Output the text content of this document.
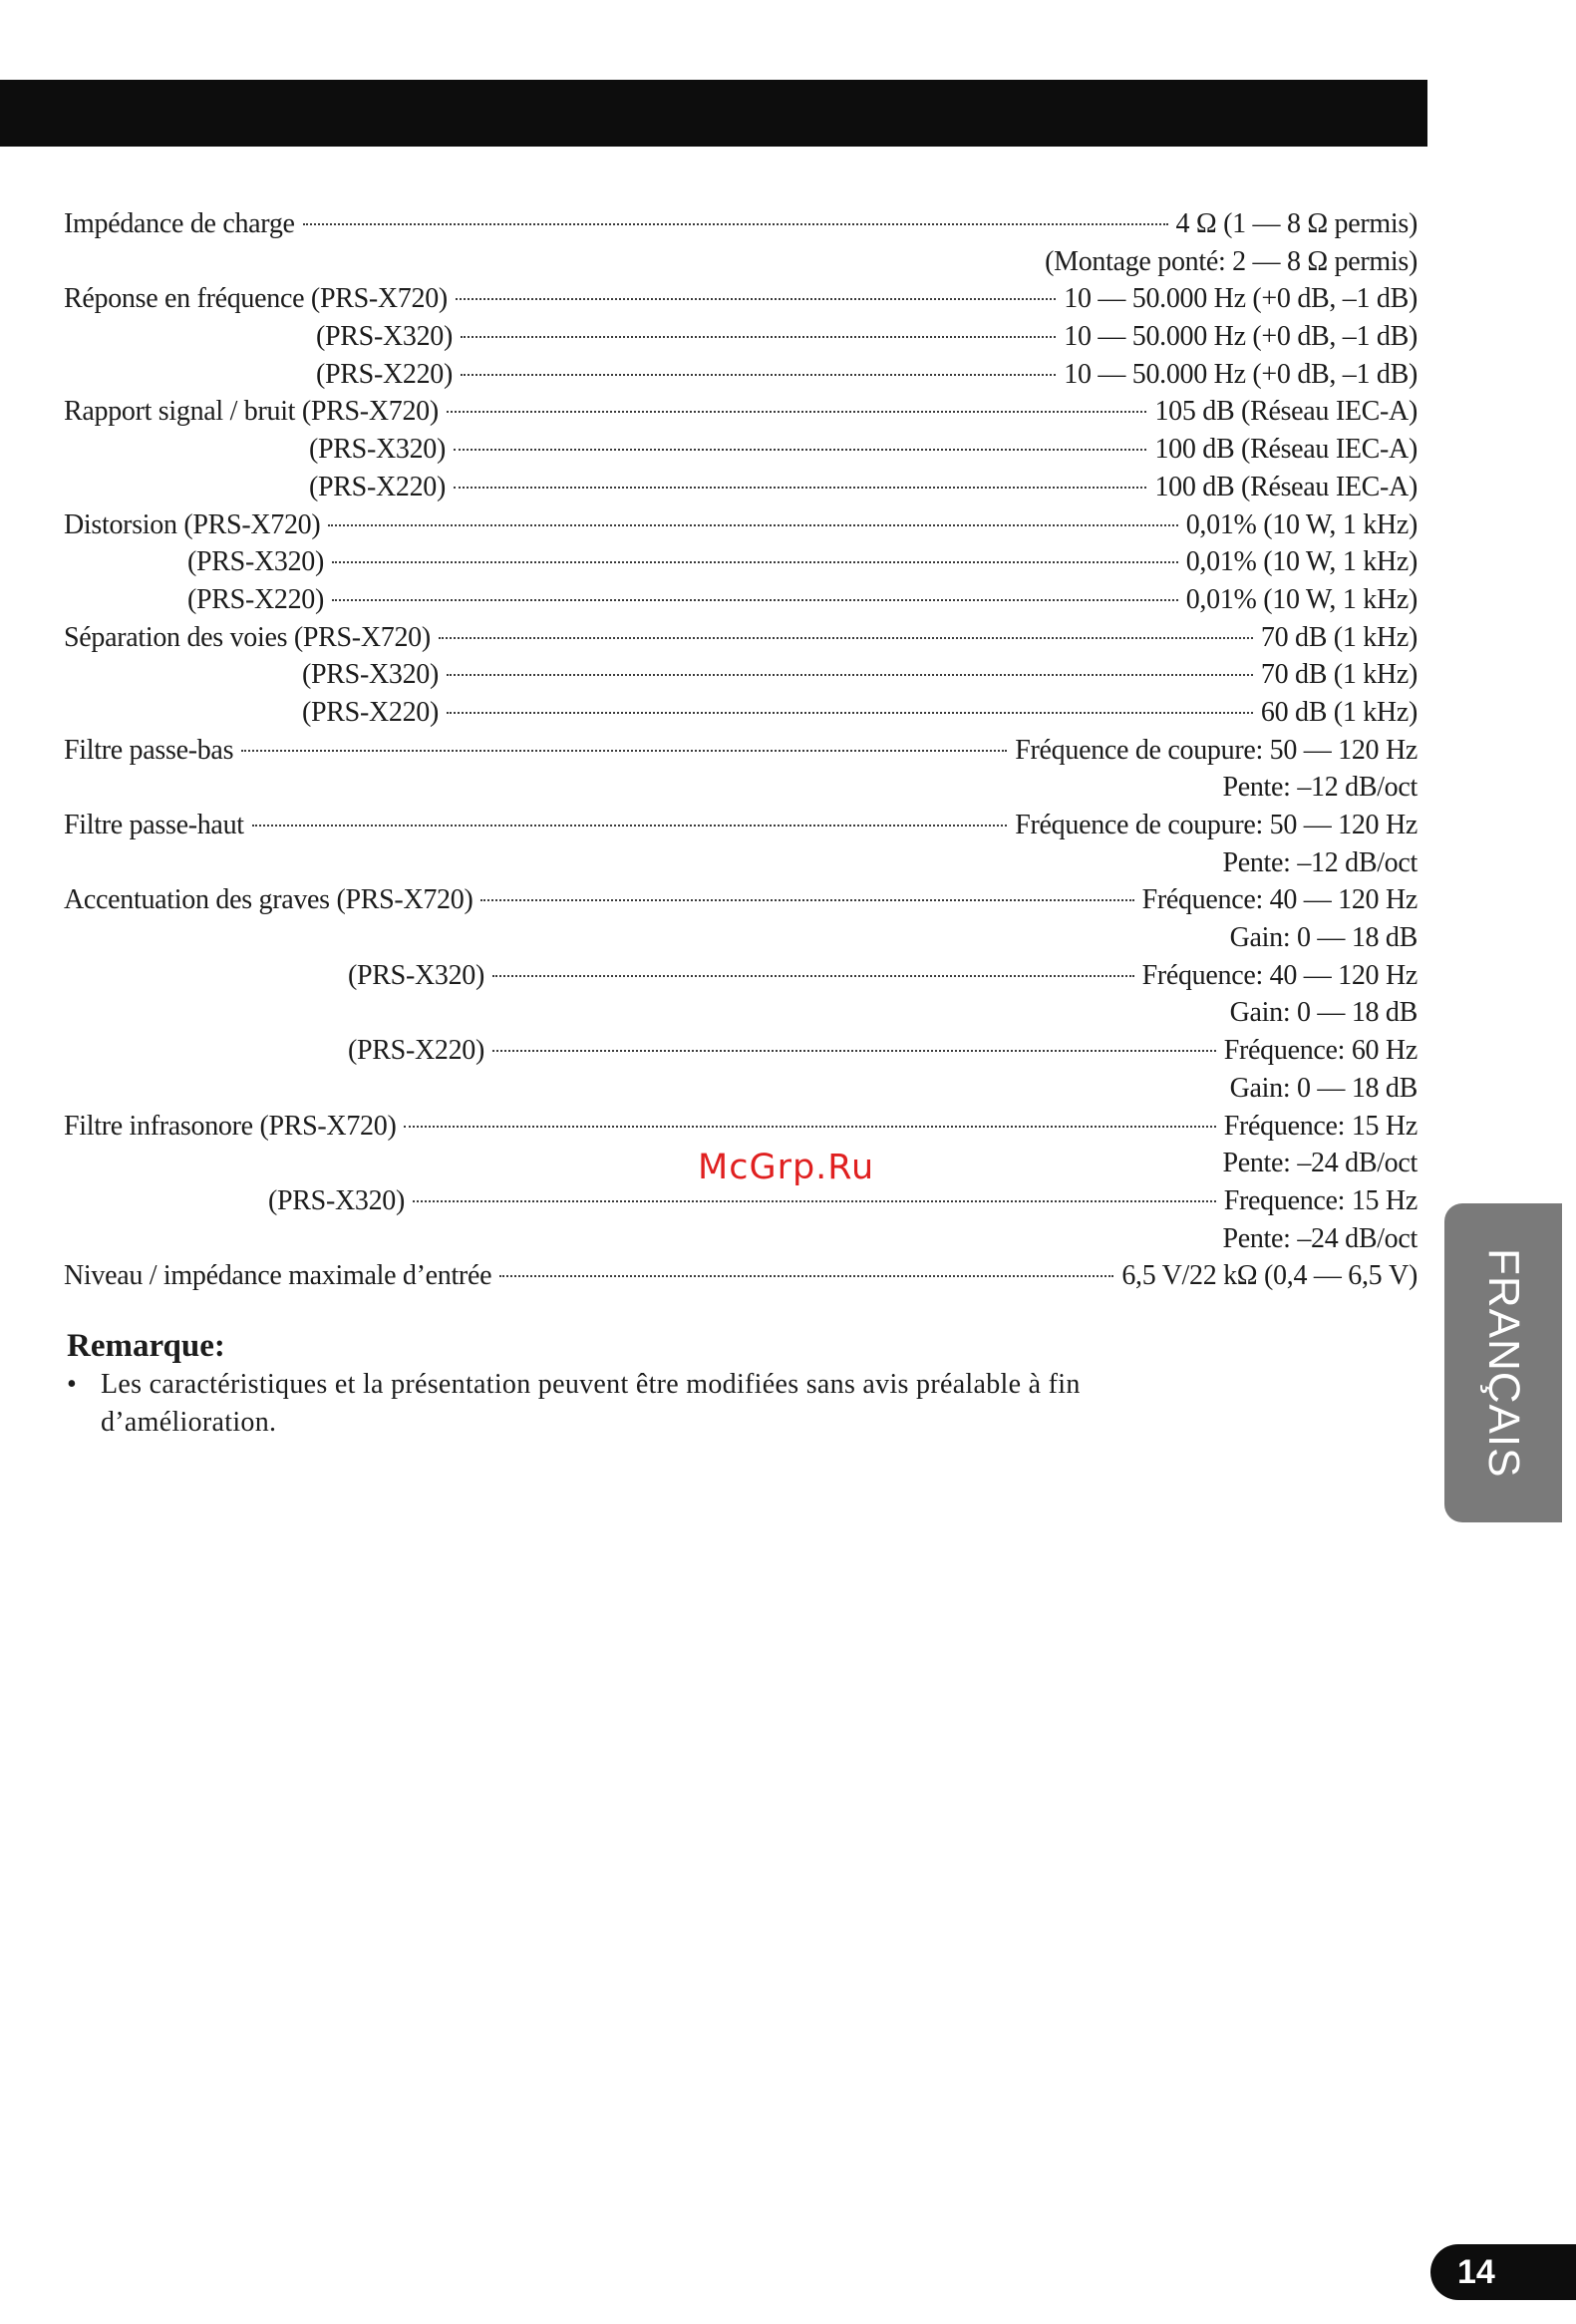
Impédance de charge	4 Ω (1 — 8 Ω permis)
(Montage ponté: 2 — 8 Ω permis)
Réponse en fréquence (PRS-X720)	10 — 50.000 Hz (+0 dB, –1 dB)
(PRS-X320)	10 — 50.000 Hz (+0 dB, –1 dB)
(PRS-X220)	10 — 50.000 Hz (+0 dB, –1 dB)
Rapport signal / bruit (PRS-X720)	105 dB (Réseau IEC-A)
(PRS-X320)	100 dB (Réseau IEC-A)
(PRS-X220)	100 dB (Réseau IEC-A)
Distorsion (PRS-X720)	0,01% (10 W, 1 kHz)
(PRS-X320)	0,01% (10 W, 1 kHz)
(PRS-X220)	0,01% (10 W, 1 kHz)
Séparation des voies (PRS-X720)	70 dB (1 kHz)
(PRS-X320)	70 dB (1 kHz)
(PRS-X220)	60 dB (1 kHz)
Filtre passe-bas	Fréquence de coupure: 50 — 120 Hz
Pente: –12 dB/oct
Filtre passe-haut	Fréquence de coupure: 50 — 120 Hz
Pente: –12 dB/oct
Accentuation des graves (PRS-X720)	Fréquence: 40 — 120 Hz
Gain: 0 — 18 dB
(PRS-X320)	Fréquence: 40 — 120 Hz
Gain: 0 — 18 dB
(PRS-X220)	Fréquence: 60 Hz
Gain: 0 — 18 dB
Filtre infrasonore (PRS-X720)	Fréquence: 15 Hz
Pente: –24 dB/oct
(PRS-X320)	Frequence: 15 Hz
Pente: –24 dB/oct
Niveau / impédance maximale d’entrée	6,5 V/22 kΩ (0,4 — 6,5 V)
Remarque:
• Les caractéristiques et la présentation peuvent être modifiées sans avis préalable à fin d’amélioration.
McGrp.Ru
FRANÇAIS
14
